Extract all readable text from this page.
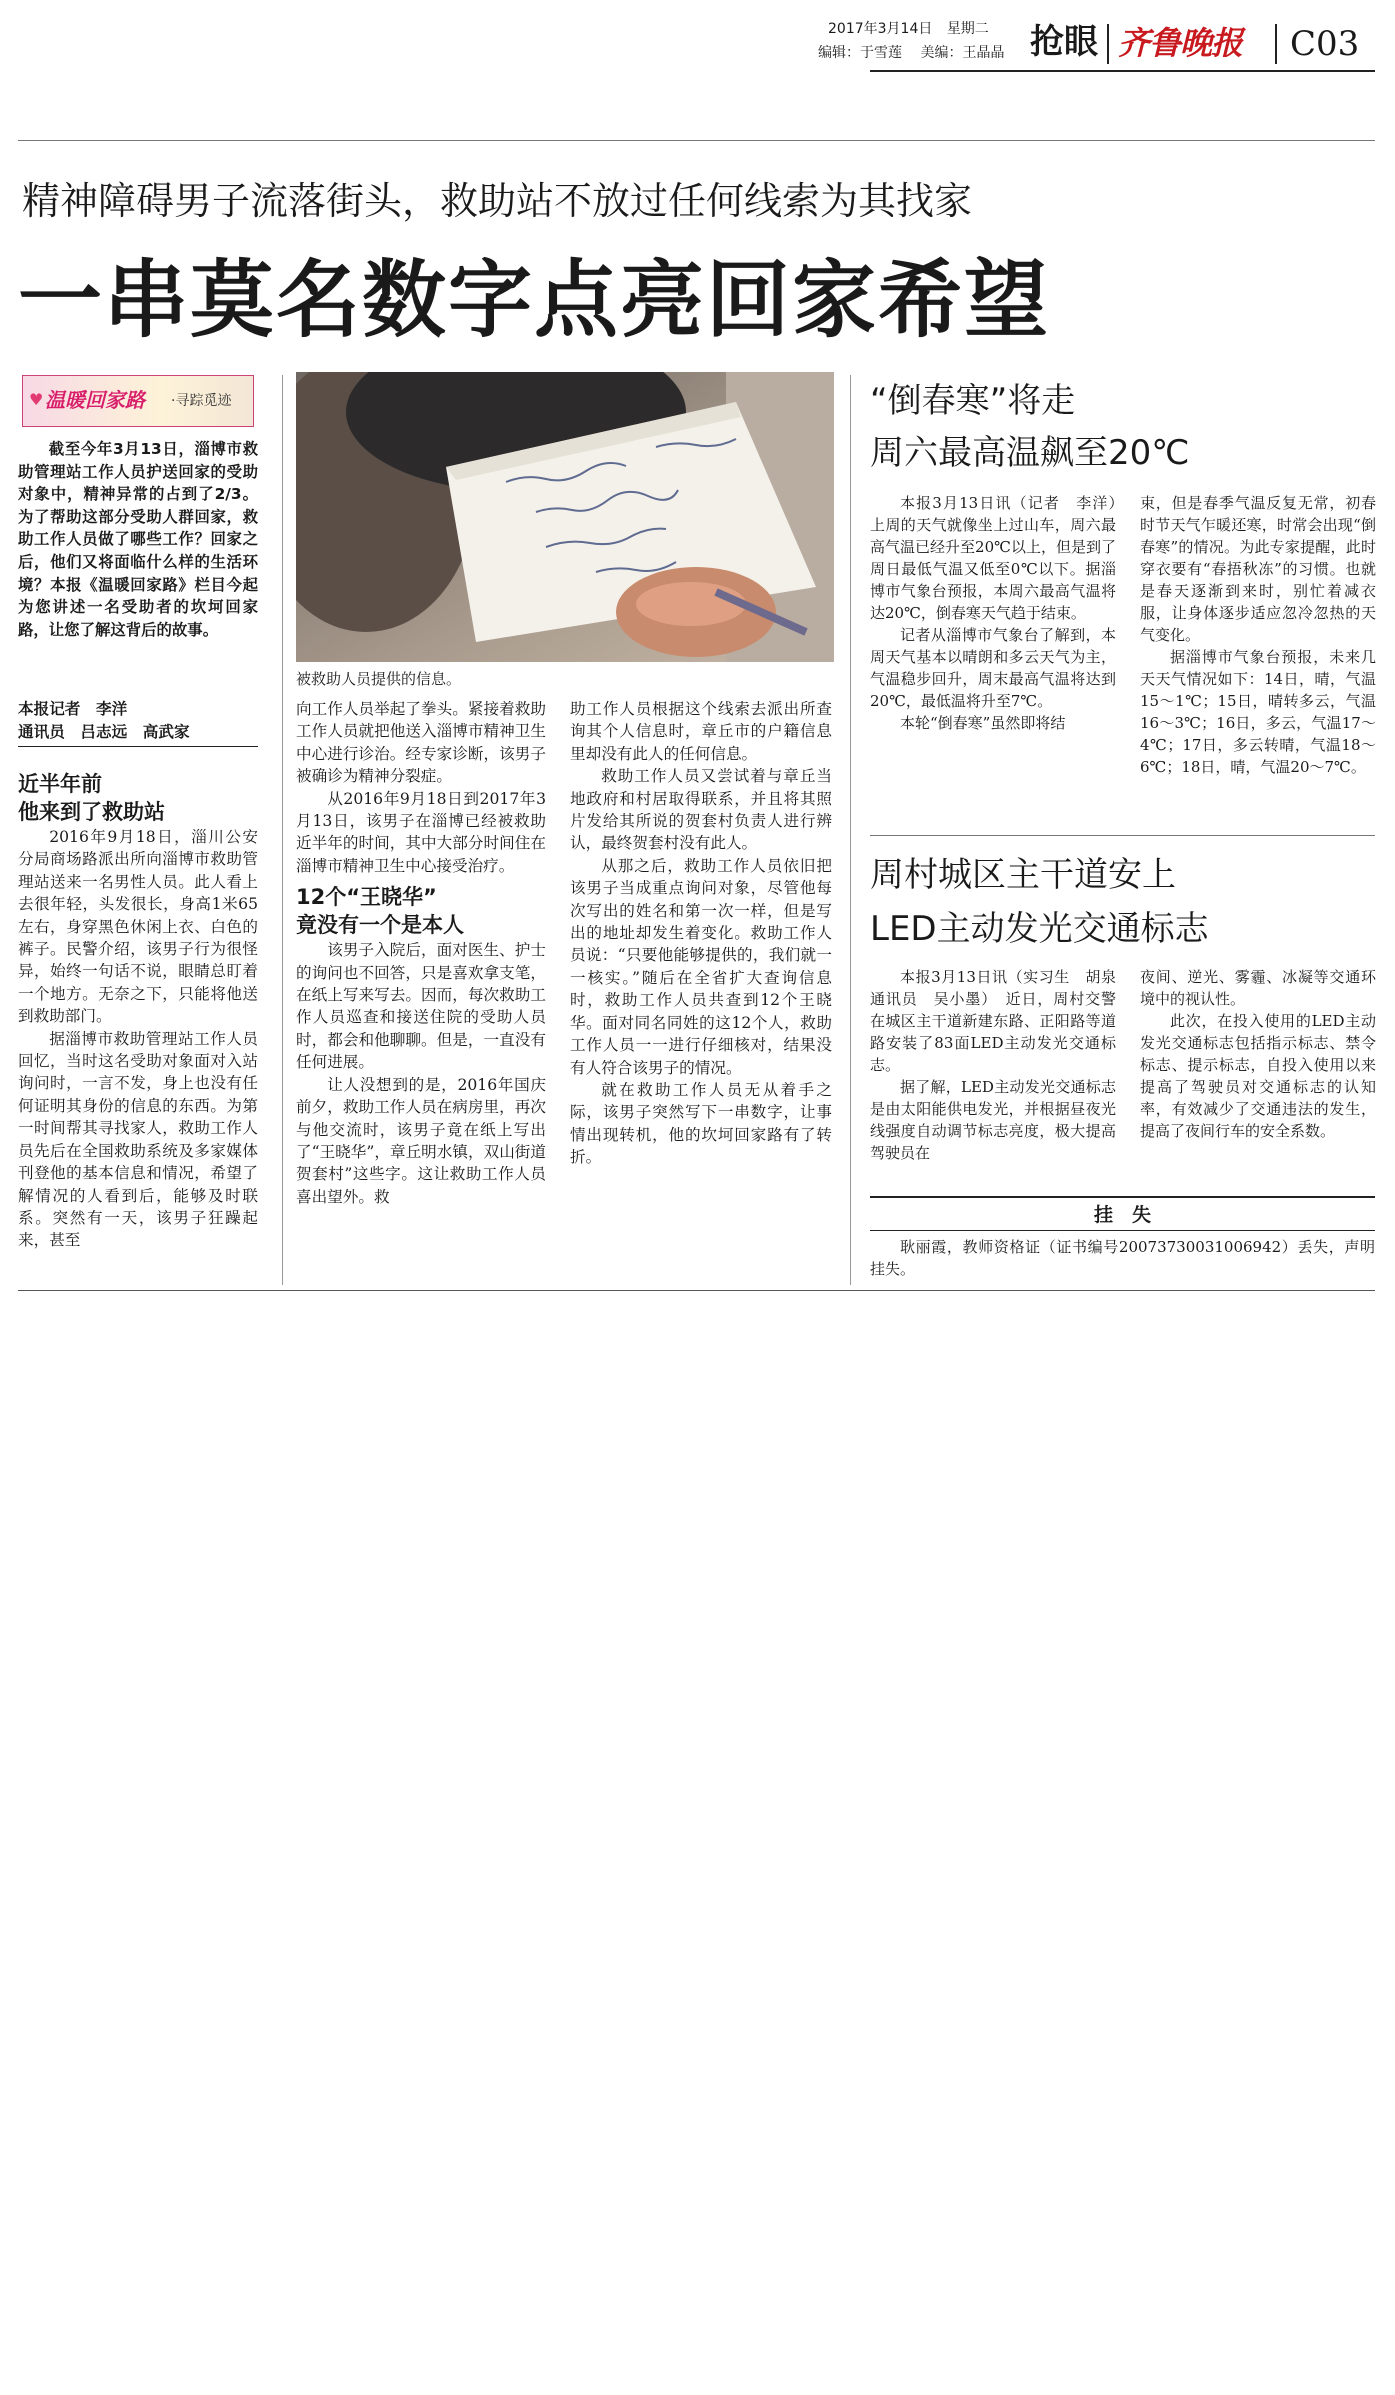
2017年3月14日 星期二
编辑：于雪莲 美编：王晶晶 抢眼 齐鲁晚报 C03
精神障碍男子流落街头，救助站不放过任何线索为其找家
一串莫名数字点亮回家希望
♥ 温暖回家路 ·寻踪觅迹

截至今年3月13日，淄博市救助管理站工作人员护送回家的受助对象中，精神异常的占到了2/3。为了帮助这部分受助人群回家，救助工作人员做了哪些工作？回家之后，他们又将面临什么样的生活环境？本报《温暖回家路》栏目今起为您讲述一名受助者的坎坷回家路，让您了解这背后的故事。

本报记者　李洋
通讯员　吕志远　高武家

近半年前

他来到了救助站

2016年9月18日，淄川公安分局商场路派出所向淄博市救助管理站送来一名男性人员。此人看上去很年轻，头发很长，身高1米65左右，身穿黑色休闲上衣、白色的裤子。民警介绍，该男子行为很怪异，始终一句话不说，眼睛总盯着一个地方。无奈之下，只能将他送到救助部门。

据淄博市救助管理站工作人员回忆，当时这名受助对象面对入站询问时，一言不发，身上也没有任何证明其身份的信息的东西。为第一时间帮其寻找家人，救助工作人员先后在全国救助系统及多家媒体刊登他的基本信息和情况，希望了解情况的人看到后，能够及时联系。突然有一天，该男子狂躁起来，甚至

被救助人员提供的信息。

向工作人员举起了拳头。紧接着救助工作人员就把他送入淄博市精神卫生中心进行诊治。经专家诊断，该男子被确诊为精神分裂症。

从2016年9月18日到2017年3月13日，该男子在淄博已经被救助近半年的时间，其中大部分时间住在淄博市精神卫生中心接受治疗。

12个“王晓华”

竟没有一个是本人

该男子入院后，面对医生、护士的询问也不回答，只是喜欢拿支笔，在纸上写来写去。因而，每次救助工作人员巡查和接送住院的受助人员时，都会和他聊聊。但是，一直没有任何进展。

让人没想到的是，2016年国庆前夕，救助工作人员在病房里，再次与他交流时，该男子竟在纸上写出了“王晓华”，章丘明水镇，双山街道贺套村”这些字。这让救助工作人员喜出望外。救

助工作人员根据这个线索去派出所查询其个人信息时，章丘市的户籍信息里却没有此人的任何信息。

救助工作人员又尝试着与章丘当地政府和村居取得联系，并且将其照片发给其所说的贺套村负责人进行辨认，最终贺套村没有此人。

从那之后，救助工作人员依旧把该男子当成重点询问对象，尽管他每次写出的姓名和第一次一样，但是写出的地址却发生着变化。救助工作人员说：“只要他能够提供的，我们就一一核实。”随后在全省扩大查询信息时，救助工作人员共查到12个王晓华。面对同名同姓的这12个人，救助工作人员一一进行仔细核对，结果没有人符合该男子的情况。

就在救助工作人员无从着手之际，该男子突然写下一串数字，让事情出现转机，他的坎坷回家路有了转折。

“倒春寒”将走
周六最高温飙至20℃

本报3月13日讯（记者　李洋）　上周的天气就像坐上过山车，周六最高气温已经升至20℃以上，但是到了周日最低气温又低至0℃以下。据淄博市气象台预报，本周六最高气温将达20℃，倒春寒天气趋于结束。

记者从淄博市气象台了解到，本周天气基本以晴朗和多云天气为主，气温稳步回升，周末最高气温将达到20℃，最低温将升至7℃。

本轮“倒春寒”虽然即将结

束，但是春季气温反复无常，初春时节天气乍暖还寒，时常会出现“倒春寒”的情况。为此专家提醒，此时穿衣要有“春捂秋冻”的习惯。也就是春天逐渐到来时，别忙着减衣服，让身体逐步适应忽冷忽热的天气变化。

据淄博市气象台预报，未来几天天气情况如下：14日，晴，气温15～1℃；15日，晴转多云，气温16～3℃；16日，多云，气温17～4℃；17日，多云转晴，气温18～6℃；18日，晴，气温20～7℃。

周村城区主干道安上
LED主动发光交通标志

本报3月13日讯（实习生　胡泉　通讯员　吴小墨）　近日，周村交警在城区主干道新建东路、正阳路等道路安装了83面LED主动发光交通标志。

据了解，LED主动发光交通标志是由太阳能供电发光，并根据昼夜光线强度自动调节标志亮度，极大提高驾驶员在

夜间、逆光、雾霾、冰凝等交通环境中的视认性。

此次，在投入使用的LED主动发光交通标志包括指示标志、禁令标志、提示标志，自投入使用以来提高了驾驶员对交通标志的认知率，有效减少了交通违法的发生，提高了夜间行车的安全系数。

挂　失

耿丽霞，教师资格证（证书编号20073730031006942）丢失，声明挂失。
